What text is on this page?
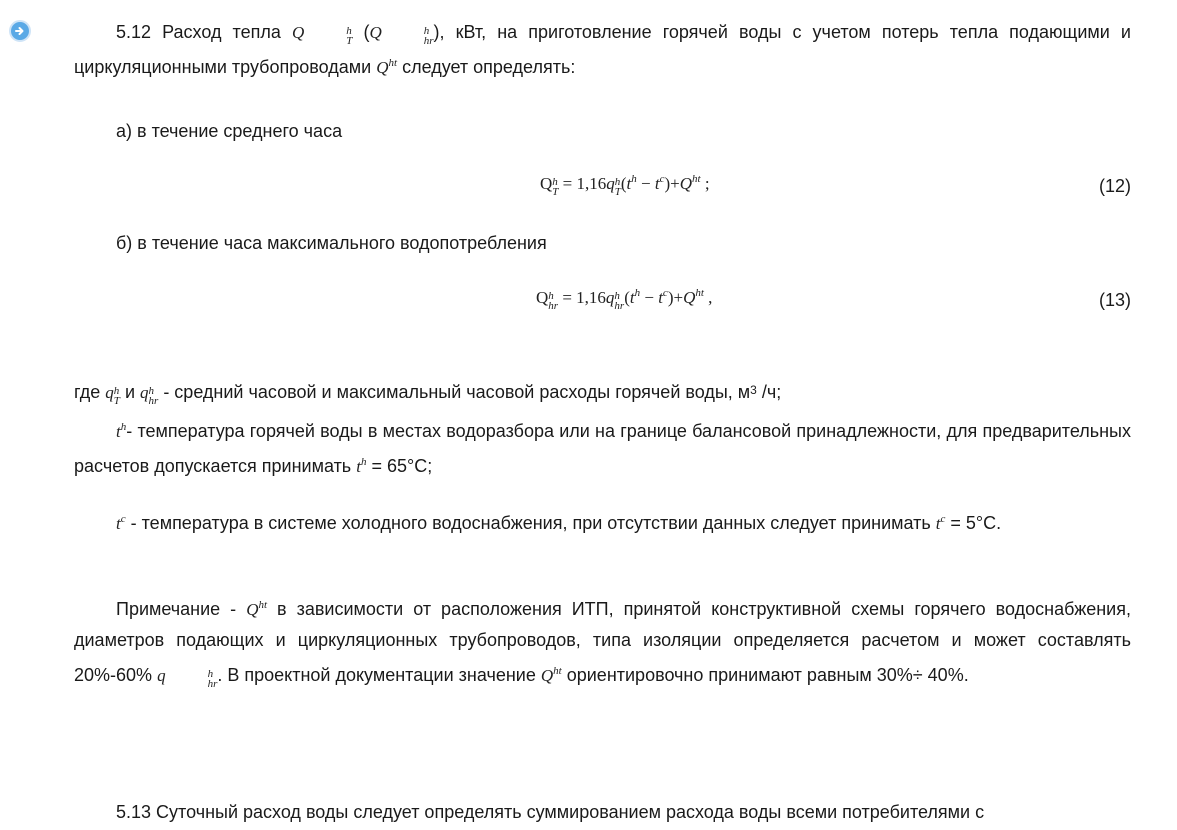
5.12 Расход тепла Q	h
T (Q	h
hr ), кВт, на приготовление горячей воды с учетом потерь тепла подающими и циркуляционными трубопроводами $Q^{ht}$ следует определять:

а) в течение среднего часа

Q h
T = 1,16q h
T $(t^h - t^c)+Q^{ht}$ ;	(12)

б) в течение часа максимального водопотребления

Q h
hr = 1,16q h
hr $(t^h - t^c)+Q^{ht}$ ,	(13)

где q h
T и q h
hr - средний часовой и максимальный часовой расходы горячей воды, $м^3$ /ч;

$t^h-$ температура горячей воды в местах водоразбора или на границе балансовой принадлежности, для предварительных расчетов допускается принимать $t^h = 65^\circ С$;

$t^c$ - температура в системе холодного водоснабжения, при отсутствии данных следует принимать $t^c = 5^\circ С$.

Примечание - $Q^{ht}$ в зависимости от расположения ИТП, принятой конструктивной схемы горячего водоснабжения, диаметров подающих и циркуляционных трубопроводов, типа изоляции определяется расчетом и может составлять 20%-60% q	h
hr . В проектной документации значение $Q^{ht}$ ориентировочно принимают равным 30%÷ 40%.

5.13 Суточный расход воды следует определять суммированием расхода воды всеми потребителями с
